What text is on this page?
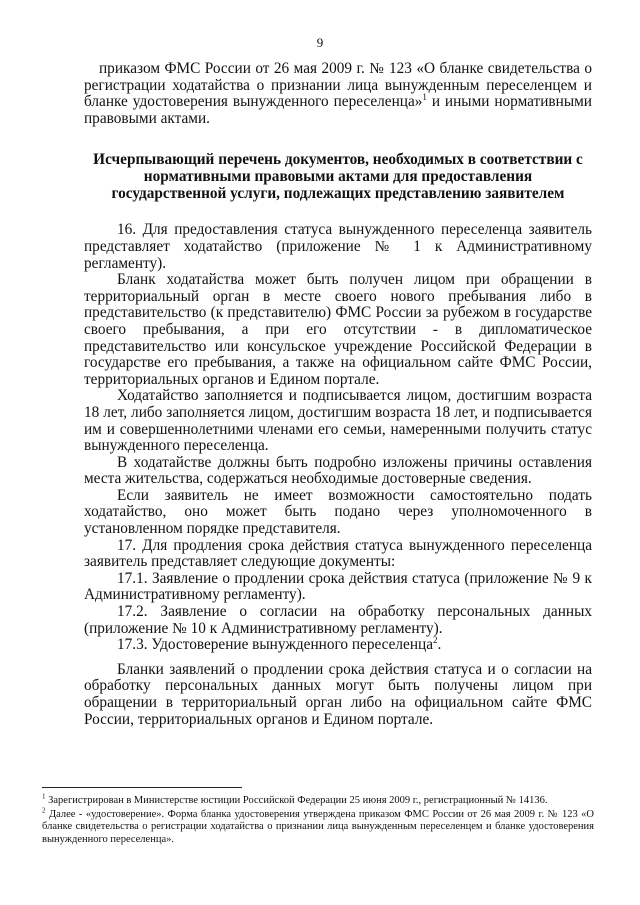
9

приказом ФМС России от 26 мая 2009 г. № 123 «О бланке свидетельства о регистрации ходатайства о признании лица вынужденным переселенцем и бланке удостоверения вынужденного переселенца»$^1$ и иными нормативными правовыми актами.

Исчерпывающий перечень документов, необходимых в соответствии с нормативными правовыми актами для предоставления государственной услуги, подлежащих представлению заявителем

16. Для предоставления статуса вынужденного переселенца заявитель представляет ходатайство (приложение № 1 к Административному регламенту).

Бланк ходатайства может быть получен лицом при обращении в территориальный орган в месте своего нового пребывания либо в представительство (к представителю) ФМС России за рубежом в государстве своего пребывания, а при его отсутствии - в дипломатическое представительство или консульское учреждение Российской Федерации в государстве его пребывания, а также на официальном сайте ФМС России, территориальных органов и Едином портале.

Ходатайство заполняется и подписывается лицом, достигшим возраста 18 лет, либо заполняется лицом, достигшим возраста 18 лет, и подписывается им и совершеннолетними членами его семьи, намеренными получить статус вынужденного переселенца.

В ходатайстве должны быть подробно изложены причины оставления места жительства, содержаться необходимые достоверные сведения.

Если заявитель не имеет возможности самостоятельно подать ходатайство, оно может быть подано через уполномоченного в установленном порядке представителя.

17. Для продления срока действия статуса вынужденного переселенца заявитель представляет следующие документы:

17.1. Заявление о продлении срока действия статуса (приложение № 9 к Административному регламенту).

17.2. Заявление о согласии на обработку персональных данных (приложение № 10 к Административному регламенту).

17.3. Удостоверение вынужденного переселенца$^2$.

Бланки заявлений о продлении срока действия статуса и о согласии на обработку персональных данных могут быть получены лицом при обращении в территориальный орган либо на официальном сайте ФМС России, территориальных органов и Едином портале.

$^1$ Зарегистрирован в Министерстве юстиции Российской Федерации 25 июня 2009 г., регистрационный № 14136.

$^2$ Далее - «удостоверение». Форма бланка удостоверения утверждена приказом ФМС России от 26 мая 2009 г. № 123 «О бланке свидетельства о регистрации ходатайства о признании лица вынужденным переселенцем и бланке удостоверения вынужденного переселенца».
